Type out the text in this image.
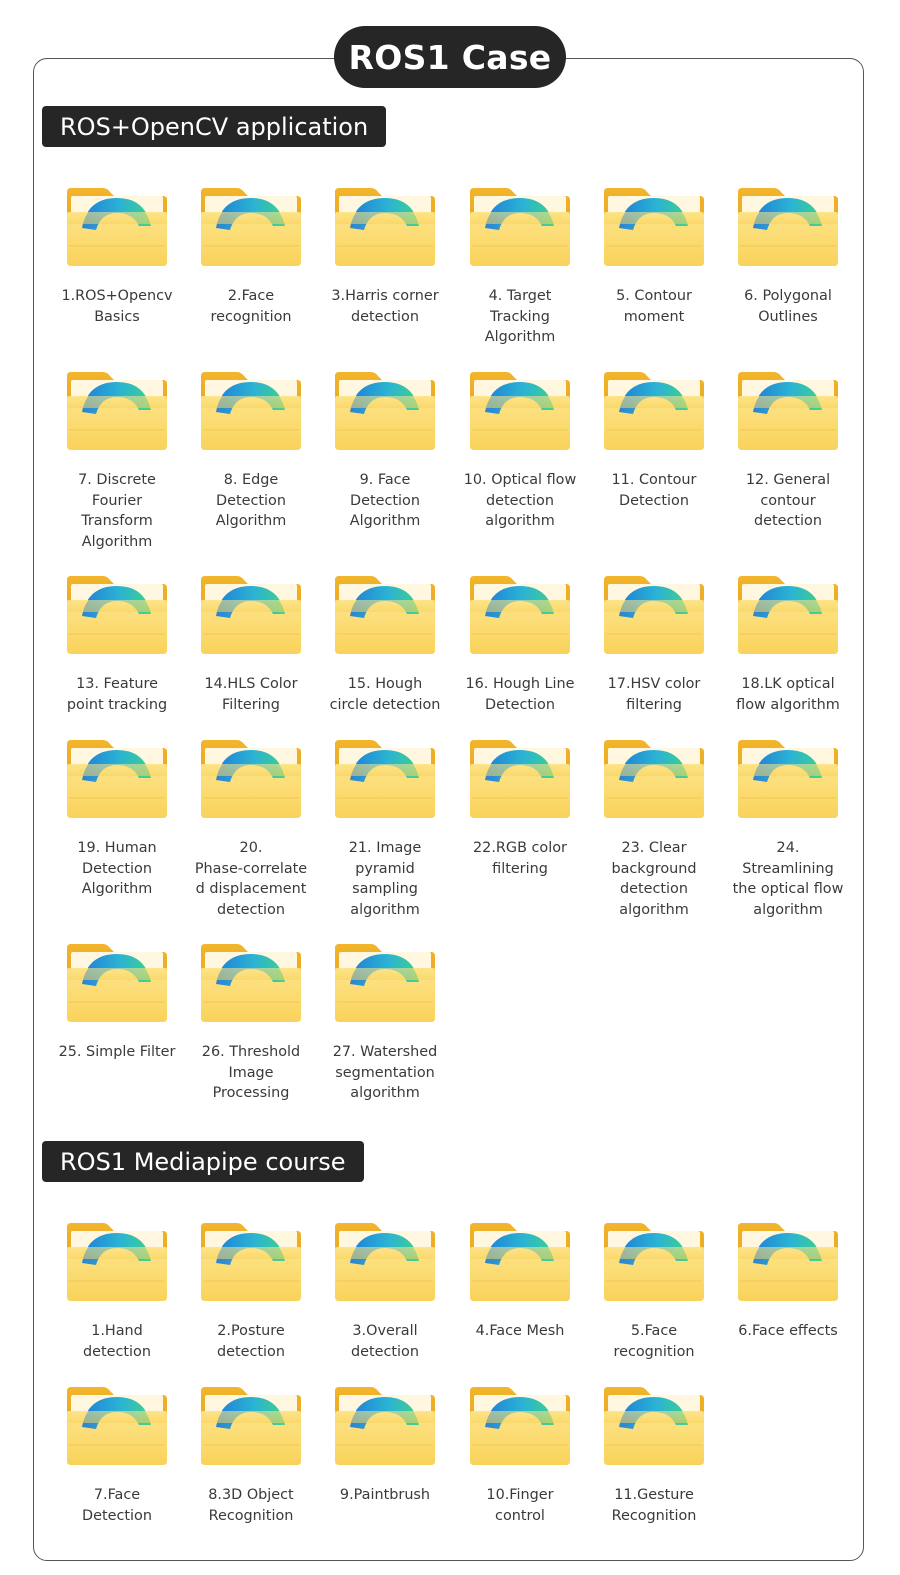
ROS1 Case
ROS+OpenCV application
ROS1 Mediapipe course
1.ROS+Opencv
Basics
2.Face
recognition
3.Harris corner
detection
4. Target
Tracking
Algorithm
5. Contour
moment
6. Polygonal
Outlines
7. Discrete
Fourier
Transform
Algorithm
8. Edge
Detection
Algorithm
9. Face
Detection
Algorithm
10. Optical flow
detection
algorithm
11. Contour
Detection
12. General
contour
detection
13. Feature
point tracking
14.HLS Color
Filtering
15. Hough
circle detection
16. Hough Line
Detection
17.HSV color
filtering
18.LK optical
flow algorithm
19. Human
Detection
Algorithm
20.
Phase-correlate
d displacement
detection
21. Image
pyramid
sampling
algorithm
22.RGB color
filtering
23. Clear
background
detection
algorithm
24.
Streamlining
the optical flow
algorithm
25. Simple Filter	26. Threshold
Image
Processing
27. Watershed
segmentation
algorithm
1.Hand
detection
2.Posture
detection
3.Overall
detection
4.Face Mesh	5.Face
recognition
6.Face effects
7.Face
Detection
8.3D Object
Recognition
9.Paintbrush	10.Finger
control
11.Gesture
Recognition
